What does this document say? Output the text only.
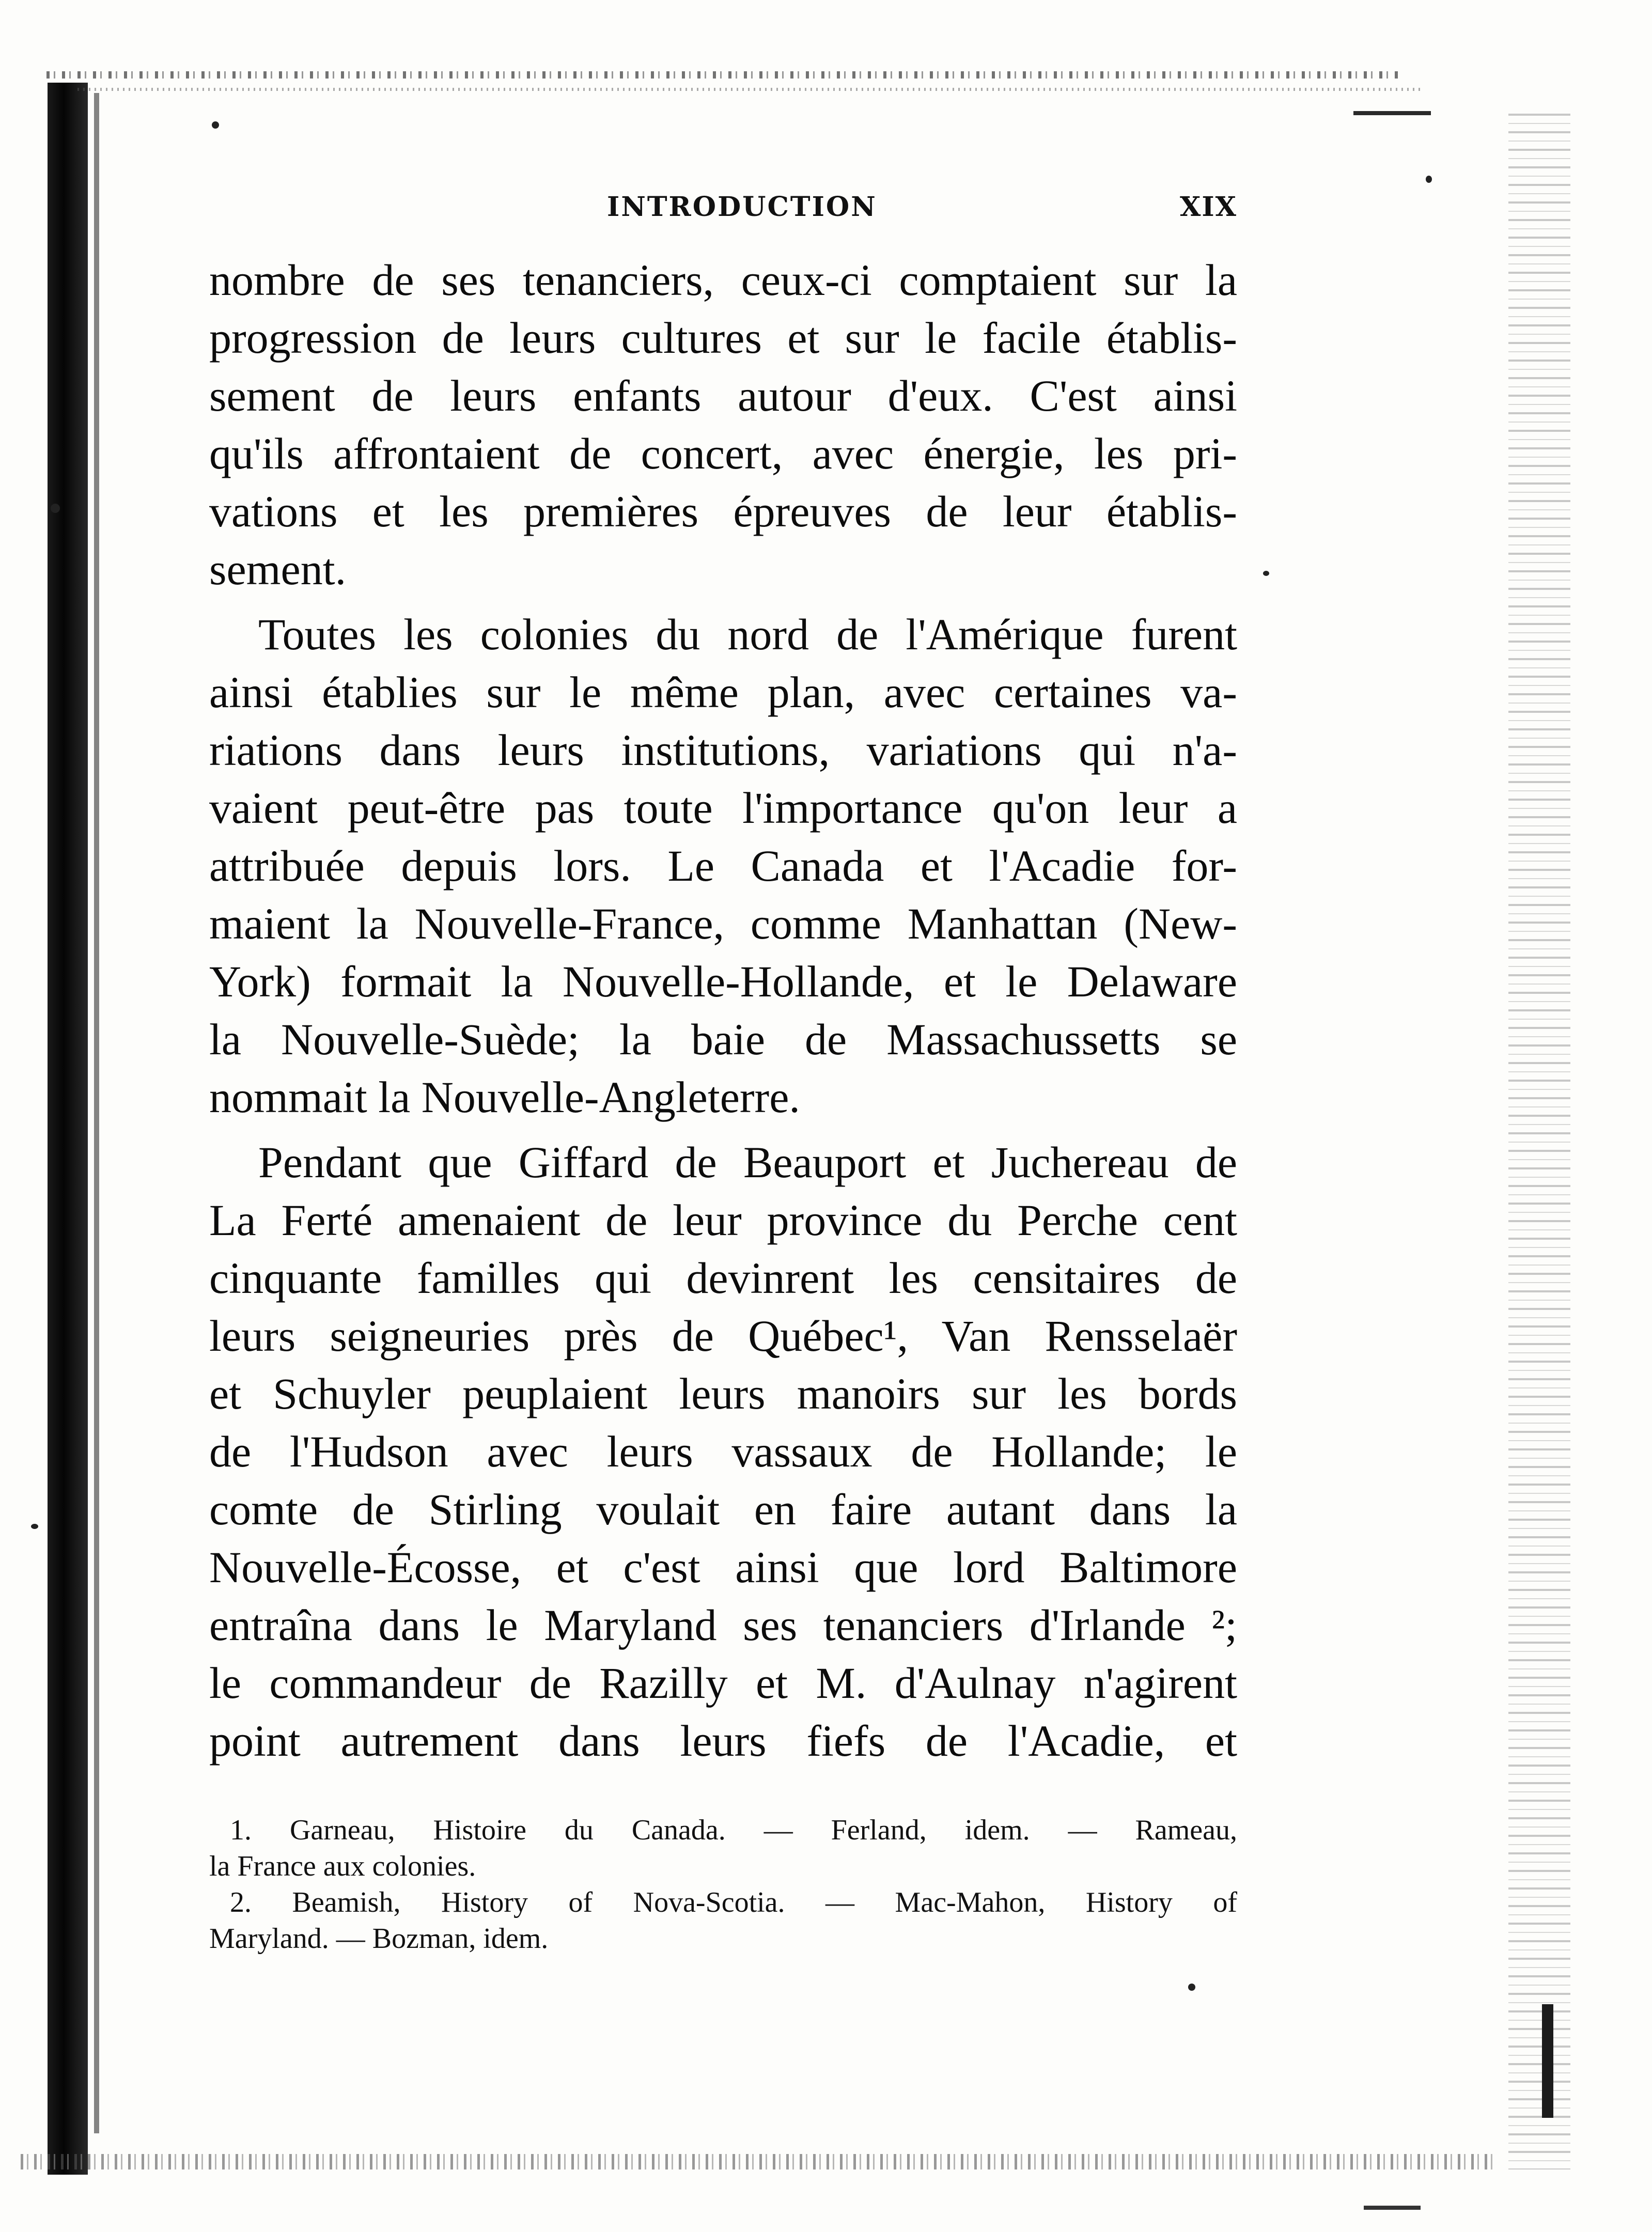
INTRODUCTION	XIX
nombre de ses tenanciers, ceux-ci comptaient sur la
progression de leurs cultures et sur le facile établis-
sement de leurs enfants autour d'eux. C'est ainsi
qu'ils affrontaient de concert, avec énergie, les pri-
vations et les premières épreuves de leur établis-
sement.
Toutes les colonies du nord de l'Amérique furent
ainsi établies sur le même plan, avec certaines va-
riations dans leurs institutions, variations qui n'a-
vaient peut-être pas toute l'importance qu'on leur a
attribuée depuis lors. Le Canada et l'Acadie for-
maient la Nouvelle-France, comme Manhattan (New-
York) formait la Nouvelle-Hollande, et le Delaware
la Nouvelle-Suède; la baie de Massachussetts se
nommait la Nouvelle-Angleterre.
Pendant que Giffard de Beauport et Juchereau de
La Ferté amenaient de leur province du Perche cent
cinquante familles qui devinrent les censitaires de
leurs seigneuries près de Québec¹, Van Rensselaër
et Schuyler peuplaient leurs manoirs sur les bords
de l'Hudson avec leurs vassaux de Hollande; le
comte de Stirling voulait en faire autant dans la
Nouvelle-Écosse, et c'est ainsi que lord Baltimore
entraîna dans le Maryland ses tenanciers d'Irlande ²;
le commandeur de Razilly et M. d'Aulnay n'agirent
point autrement dans leurs fiefs de l'Acadie, et
1. Garneau, Histoire du Canada. — Ferland, idem. — Rameau,
la France aux colonies.
2. Beamish, History of Nova-Scotia. — Mac-Mahon, History of
Maryland. — Bozman, idem.
